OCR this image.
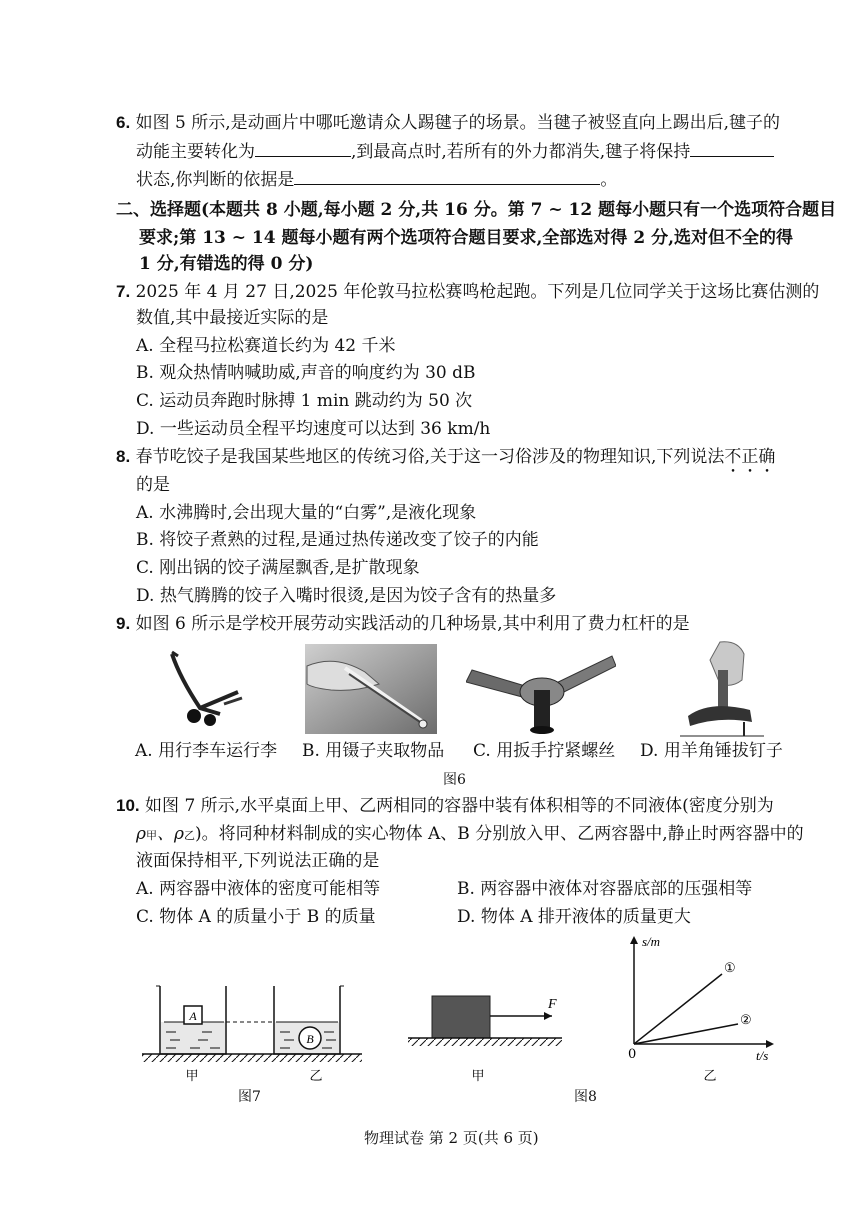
6. 如图 5 所示,是动画片中哪吒邀请众人踢毽子的场景。当毽子被竖直向上踢出后,毽子的
动能主要转化为	,到最高点时,若所有的外力都消失,毽子将保持
状态,你判断的依据是	。
二、选择题(本题共 8 小题,每小题 2 分,共 16 分。第 7 ~ 12 题每小题只有一个选项符合题目
要求;第 13 ~ 14 题每小题有两个选项符合题目要求,全部选对得 2 分,选对但不全的得
1 分,有错选的得 0 分)
7. 2025 年 4 月 27 日,2025 年伦敦马拉松赛鸣枪起跑。下列是几位同学关于这场比赛估测的
数值,其中最接近实际的是
A. 全程马拉松赛道长约为 42 千米
B. 观众热情呐喊助威,声音的响度约为 30 dB
C. 运动员奔跑时脉搏 1 min 跳动约为 50 次
D. 一些运动员全程平均速度可以达到 36 km/h
8. 春节吃饺子是我国某些地区的传统习俗,关于这一习俗涉及的物理知识,下列说法不正确
的是
A. 水沸腾时,会出现大量的“白雾”,是液化现象
B. 将饺子煮熟的过程,是通过热传递改变了饺子的内能
C. 刚出锅的饺子满屋飘香,是扩散现象
D. 热气腾腾的饺子入嘴时很烫,是因为饺子含有的热量多
9. 如图 6 所示是学校开展劳动实践活动的几种场景,其中利用了费力杠杆的是
A. 用行李车运行李 B. 用镊子夹取物品 C. 用扳手拧紧螺丝 D. 用羊角锤拔钉子
图6
10. 如图 7 所示,水平桌面上甲、乙两相同的容器中装有体积相等的不同液体(密度分别为
ρ甲、ρ乙)。将同种材料制成的实心物体 A、B 分别放入甲、乙两容器中,静止时两容器中的
液面保持相平,下列说法正确的是
A. 两容器中液体的密度可能相等	B. 两容器中液体对容器底部的压强相等
C. 物体 A 的质量小于 B 的质量	D. 物体 A 排开液体的质量更大
A
B
甲	乙
图7
F
甲
s/m
t/s
0
①
②
乙
图8
物理试卷 第 2 页(共 6 页)
